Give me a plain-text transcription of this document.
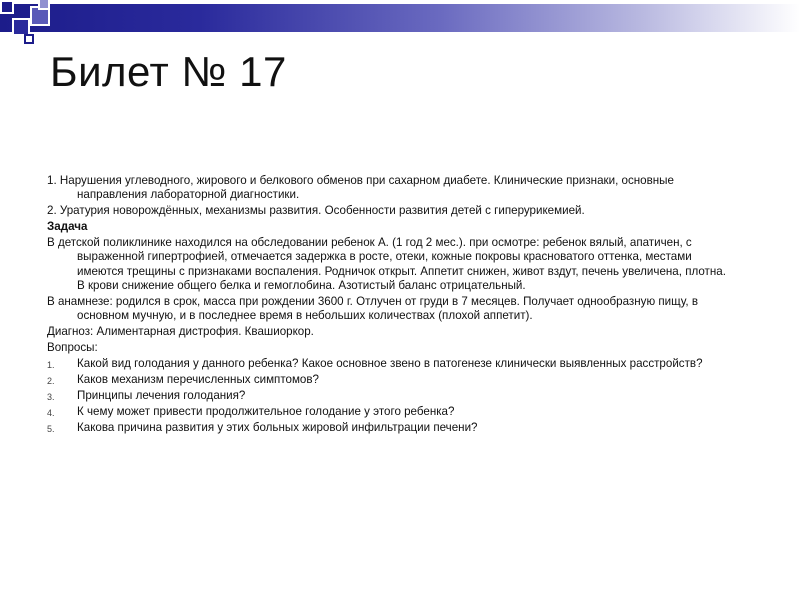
Билет № 17

1. Нарушения углеводного, жирового и белкового обменов при сахарном диабете. Клинические признаки, основные направления лабораторной диагностики.

2. Уратурия новорождённых, механизмы развития. Особенности развития детей с гиперурикемией.

Задача

В детской поликлинике находился на обследовании ребенок А. (1 год 2 мес.). при осмотре: ребенок вялый, апатичен, с выраженной гипертрофией, отмечается задержка в росте, отеки, кожные покровы красноватого оттенка, местами имеются трещины с признаками воспаления. Родничок открыт. Аппетит снижен, живот вздут, печень увеличена, плотна. В крови снижение общего белка и гемоглобина. Азотистый баланс отрицательный.

В анамнезе: родился в срок, масса при рождении 3600 г. Отлучен от груди в 7 месяцев. Получает однообразную пищу, в основном мучную, и в последнее время в небольших количествах (плохой аппетит).

Диагноз: Алиментарная дистрофия. Квашиоркор.

Вопросы:

1. Какой вид голодания у данного ребенка? Какое основное звено в патогенезе клинически выявленных расстройств?
2. Каков механизм перечисленных симптомов?
3. Принципы лечения голодания?
4. К чему может привести продолжительное голодание у этого ребенка?
5. Какова причина развития у этих больных жировой инфильтрации печени?
